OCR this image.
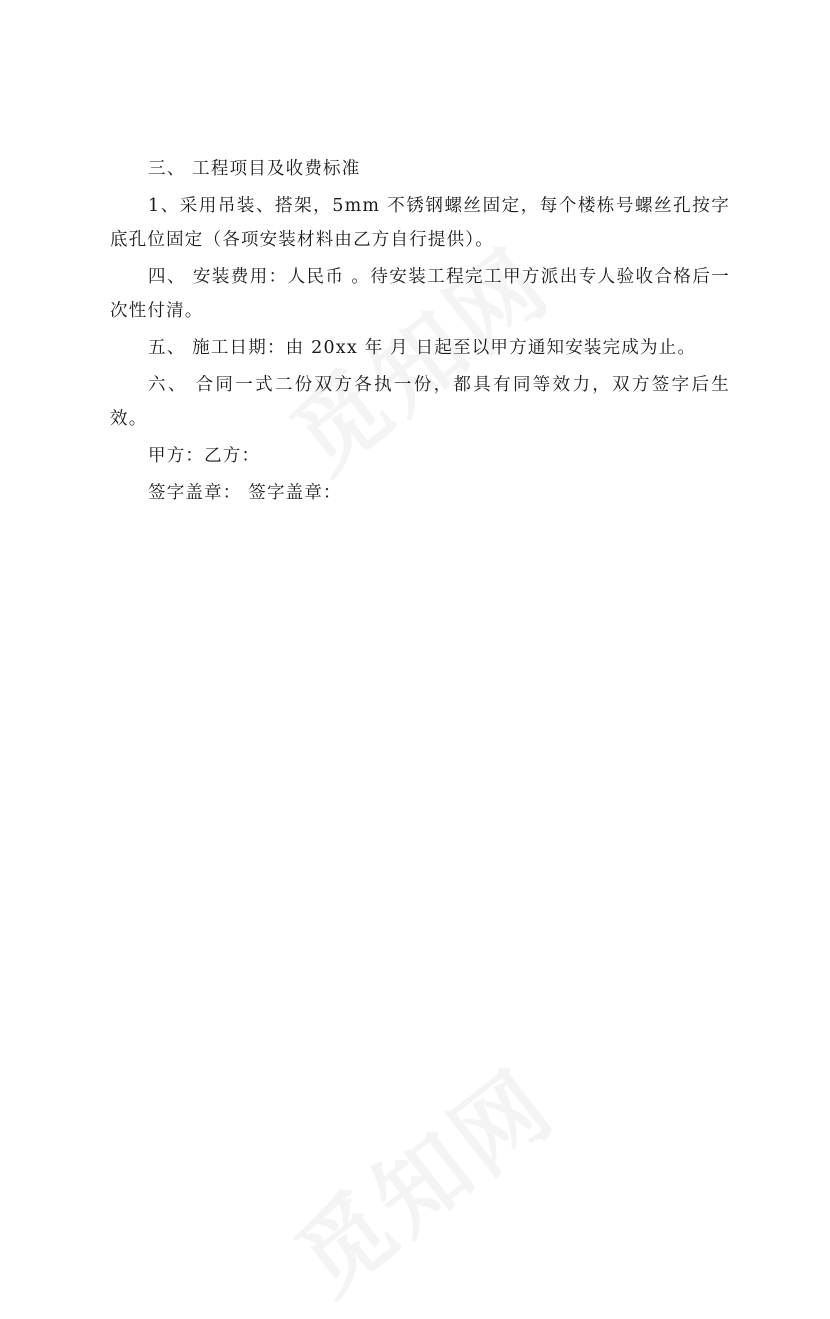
三、 工程项目及收费标准

1、采用吊装、搭架，5mm 不锈钢螺丝固定，每个楼栋号螺丝孔按字底孔位固定（各项安装材料由乙方自行提供）。

四、 安装费用：人民币 。待安装工程完工甲方派出专人验收合格后一次性付清。

五、 施工日期：由 20xx 年 月 日起至以甲方通知安装完成为止。

六、 合同一式二份双方各执一份，都具有同等效力，双方签字后生效。

甲方：乙方：

签字盖章： 签字盖章：
